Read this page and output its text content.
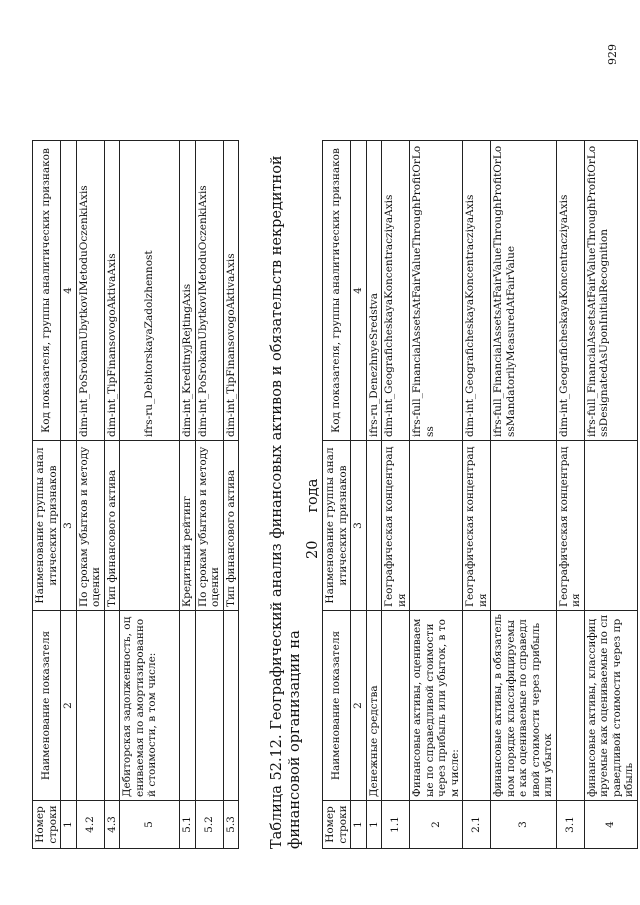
Номер строки	Наименование показателя	Наименование группы аналитических признаков	Код показателя, группы аналитических признаков
1	2	3	4
4.2		По срокам убытков и методу оценки	dim-int_PoSrokamUbytkovIMetoduOczenkiAxis
4.3		Тип финансового актива	dim-int_TipFinansovogoAktivaAxis
5	Дебиторская задолженность, оцениваемая по амортизированной стоимости, в том числе:		ifrs-ru_DebitorskayaZadolzhennost
5.1		Кредитный рейтинг	dim-int_KreditnyjRejtingAxis
5.2		По срокам убытков и методу оценки	dim-int_PoSrokamUbytkovIMetoduOczenkiAxis
5.3		Тип финансового актива	dim-int_TipFinansovogoAktivaAxis Таблица 52.12. Географический анализ финансовых активов и обязательств некредитной финансовой организации на
20года
Номер строки	Наименование показателя	Наименование группы аналитических признаков	Код показателя, группы аналитических признаков
1	2	3	4
1	Денежные средства		ifrs-ru_DenezhnyeSredstva
1.1		Географическая концентрация	dim-int_GeograficheskayaKoncentracziyaAxis
2	Финансовые активы, оцениваемые по справедливой стоимости через прибыль или убыток, в том числе:		ifrs-full_FinancialAssetsAtFairValueThroughProfitOrLoss
2.1		Географическая концентрация	dim-int_GeograficheskayaKoncentracziyaAxis
3	финансовые активы, в обязательном порядке классифицируемые как оцениваемые по справедливой стоимости через прибыль или убыток		ifrs-full_FinancialAssetsAtFairValueThroughProfitOrLossMandatorilyMeasuredAtFairValue
3.1		Географическая концентрация	dim-int_GeograficheskayaKoncentracziyaAxis
4	финансовые активы, классифицируемые как оцениваемые по справедливой стоимости через прибыль		ifrs-full_FinancialAssetsAtFairValueThroughProfitOrLossDesignatedAsUponInitialRecognition
929
